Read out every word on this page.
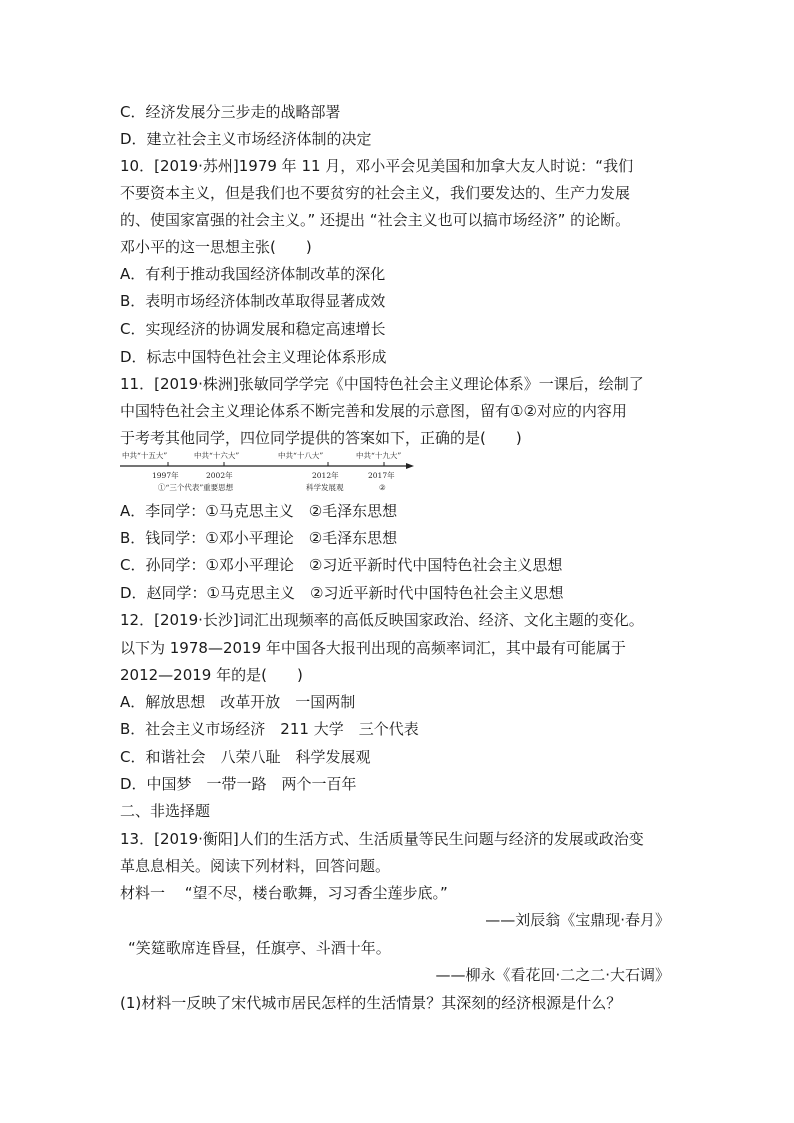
C．经济发展分三步走的战略部署
D．建立社会主义市场经济体制的决定
10．[2019·苏州]1979 年 11 月，邓小平会见美国和加拿大友人时说：“我们
不要资本主义，但是我们也不要贫穷的社会主义，我们要发达的、生产力发展
的、使国家富强的社会主义。” 还提出 “社会主义也可以搞市场经济” 的论断。
邓小平的这一思想主张(　　)
A．有利于推动我国经济体制改革的深化
B．表明市场经济体制改革取得显著成效
C．实现经济的协调发展和稳定高速增长
D．标志中国特色社会主义理论体系形成
11．[2019·株洲]张敏同学学完《中国特色社会主义理论体系》一课后，绘制了
中国特色社会主义理论体系不断完善和发展的示意图，留有①②对应的内容用
于考考其他同学，四位同学提供的答案如下，正确的是(　　)
中共“十五大”	中共“十六大”	中共“十八大”	中共“十九大”
1997年	2002年	2012年	2017年
①“三个代表”重要思想	科学发展观	②
A．李同学：①马克思主义　②毛泽东思想
B．钱同学：①邓小平理论　②毛泽东思想
C．孙同学：①邓小平理论　②习近平新时代中国特色社会主义思想
D．赵同学：①马克思主义　②习近平新时代中国特色社会主义思想
12．[2019·长沙]词汇出现频率的高低反映国家政治、经济、文化主题的变化。
以下为 1978—2019 年中国各大报刊出现的高频率词汇，其中最有可能属于
2012—2019 年的是(　　)
A．解放思想　改革开放　一国两制
B．社会主义市场经济　211 大学　三个代表
C．和谐社会　八荣八耻　科学发展观
D．中国梦　一带一路　两个一百年
二、非选择题
13．[2019·衡阳]人们的生活方式、生活质量等民生问题与经济的发展或政治变
革息息相关。阅读下列材料，回答问题。
材料一　 “望不尽，楼台歌舞，习习香尘莲步底。”
——刘辰翁《宝鼎现·春月》
“笑筵歌席连昏昼，任旗亭、斗酒十年。
——柳永《看花回·二之二·大石调》
(1)材料一反映了宋代城市居民怎样的生活情景？其深刻的经济根源是什么？
